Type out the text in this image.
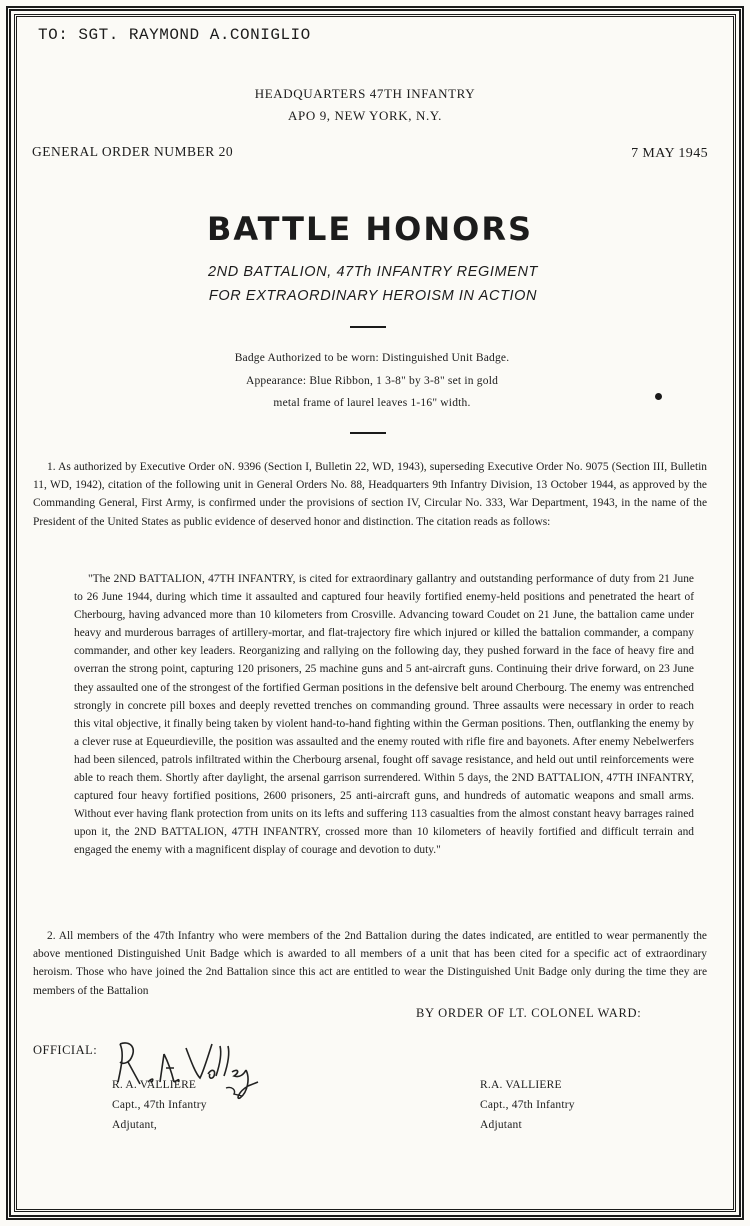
TO: SGT. RAYMOND A.CONIGLIO
HEADQUARTERS 47TH INFANTRY
APO 9, NEW YORK, N.Y.
GENERAL ORDER NUMBER 20	7 MAY 1945
BATTLE HONORS
2ND BATTALION, 47Th INFANTRY REGIMENT
FOR EXTRAORDINARY HEROISM IN ACTION
Badge Authorized to be worn: Distinguished Unit Badge.
Appearance: Blue Ribbon, 1 3-8" by 3-8" set in gold
metal frame of laurel leaves 1-16" width.

1. As authorized by Executive Order oN. 9396 (Section I, Bulletin 22, WD, 1943), superseding Executive Order No. 9075 (Section III, Bulletin 11, WD, 1942), citation of the following unit in General Orders No. 88, Headquarters 9th Infantry Division, 13 October 1944, as approved by the Commanding General, First Army, is confirmed under the provisions of section IV, Circular No. 333, War Department, 1943, in the name of the President of the United States as public evidence of deserved honor and distinction. The citation reads as follows:

"The 2ND BATTALION, 47TH INFANTRY, is cited for extraordinary gallantry and outstanding performance of duty from 21 June to 26 June 1944, during which time it assaulted and captured four heavily fortified enemy-held positions and penetrated the heart of Cherbourg, having advanced more than 10 kilometers from Crosville. Advancing toward Coudet on 21 June, the battalion came under heavy and murderous barrages of artillery-mortar, and flat-trajectory fire which injured or killed the battalion commander, a company commander, and other key leaders. Reorganizing and rallying on the following day, they pushed forward in the face of heavy fire and overran the strong point, capturing 120 prisoners, 25 machine guns and 5 ant-aircraft guns. Continuing their drive forward, on 23 June they assaulted one of the strongest of the fortified German positions in the defensive belt around Cherbourg. The enemy was entrenched strongly in concrete pill boxes and deeply revetted trenches on commanding ground. Three assaults were necessary in order to reach this vital objective, it finally being taken by violent hand-to-hand fighting within the German positions. Then, outflanking the enemy by a clever ruse at Equeurdieville, the position was assaulted and the enemy routed with rifle fire and bayonets. After enemy Nebelwerfers had been silenced, patrols infiltrated within the Cherbourg arsenal, fought off savage resistance, and held out until reinforcements were able to reach them. Shortly after daylight, the arsenal garrison surrendered. Within 5 days, the 2ND BATTALION, 47TH INFANTRY, captured four heavy fortified positions, 2600 prisoners, 25 anti-aircraft guns, and hundreds of automatic weapons and small arms. Without ever having flank protection from units on its lefts and suffering 113 casualties from the almost constant heavy barrages rained upon it, the 2ND BATTALION, 47TH INFANTRY, crossed more than 10 kilometers of heavily fortified and difficult terrain and engaged the enemy with a magnificent display of courage and devotion to duty."

2. All members of the 47th Infantry who were members of the 2nd Battalion during the dates indicated, are entitled to wear permanently the above mentioned Distinguished Unit Badge which is awarded to all members of a unit that has been cited for a specific act of extraordinary heroism. Those who have joined the 2nd Battalion since this act are entitled to wear the Distinguished Unit Badge only during the time they are members of the Battalion

BY ORDER OF LT. COLONEL WARD:
OFFICIAL:
R. A. VALLIERE
Capt., 47th Infantry
Adjutant,
R.A. VALLIERE
Capt., 47th Infantry
Adjutant
